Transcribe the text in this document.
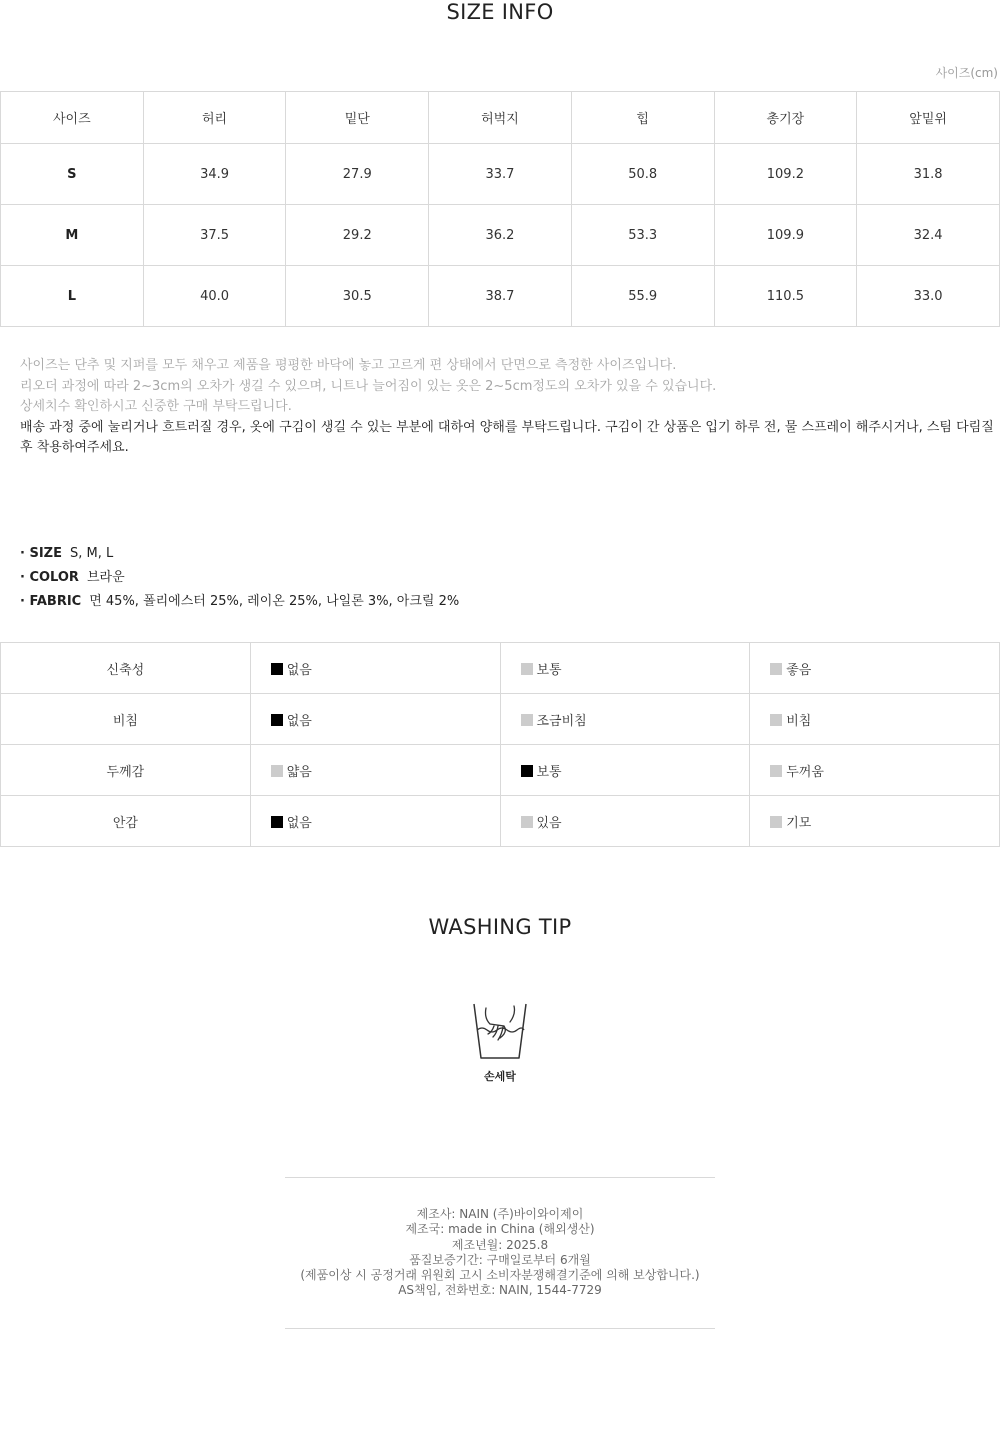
SIZE INFO
사이즈(cm)
사이즈	허리	밑단	허벅지	힙	총기장	앞밑위
S	34.9	27.9	33.7	50.8	109.2	31.8
M	37.5	29.2	36.2	53.3	109.9	32.4
L	40.0	30.5	38.7	55.9	110.5	33.0
사이즈는 단추 및 지퍼를 모두 채우고 제품을 평평한 바닥에 놓고 고르게 편 상태에서 단면으로 측정한 사이즈입니다.
리오더 과정에 따라 2~3cm의 오차가 생길 수 있으며, 니트나 늘어짐이 있는 옷은 2~5cm정도의 오차가 있을 수 있습니다.
상세치수 확인하시고 신중한 구매 부탁드립니다.
배송 과정 중에 눌리거나 흐트러질 경우, 옷에 구김이 생길 수 있는 부분에 대하여 양해를 부탁드립니다. 구김이 간 상품은 입기 하루 전, 물 스프레이 해주시거나, 스팀 다림질 후 착용하여주세요.
· SIZE S, M, L
· COLOR 브라운
· FABRIC 면 45%, 폴리에스터 25%, 레이온 25%, 나일론 3%, 아크릴 2%
신축성	없음	보통	좋음
비침	없음	조금비침	비침
두께감	얇음	보통	두꺼움
안감	없음	있음	기모
WASHING TIP
손세탁
제조사: NAIN (주)바이와이제이
제조국: made in China (해외생산)
제조년월: 2025.8
품질보증기간: 구매일로부터 6개월
(제품이상 시 공정거래 위원회 고시 소비자분쟁해결기준에 의해 보상합니다.)
AS책임, 전화번호: NAIN, 1544-7729
